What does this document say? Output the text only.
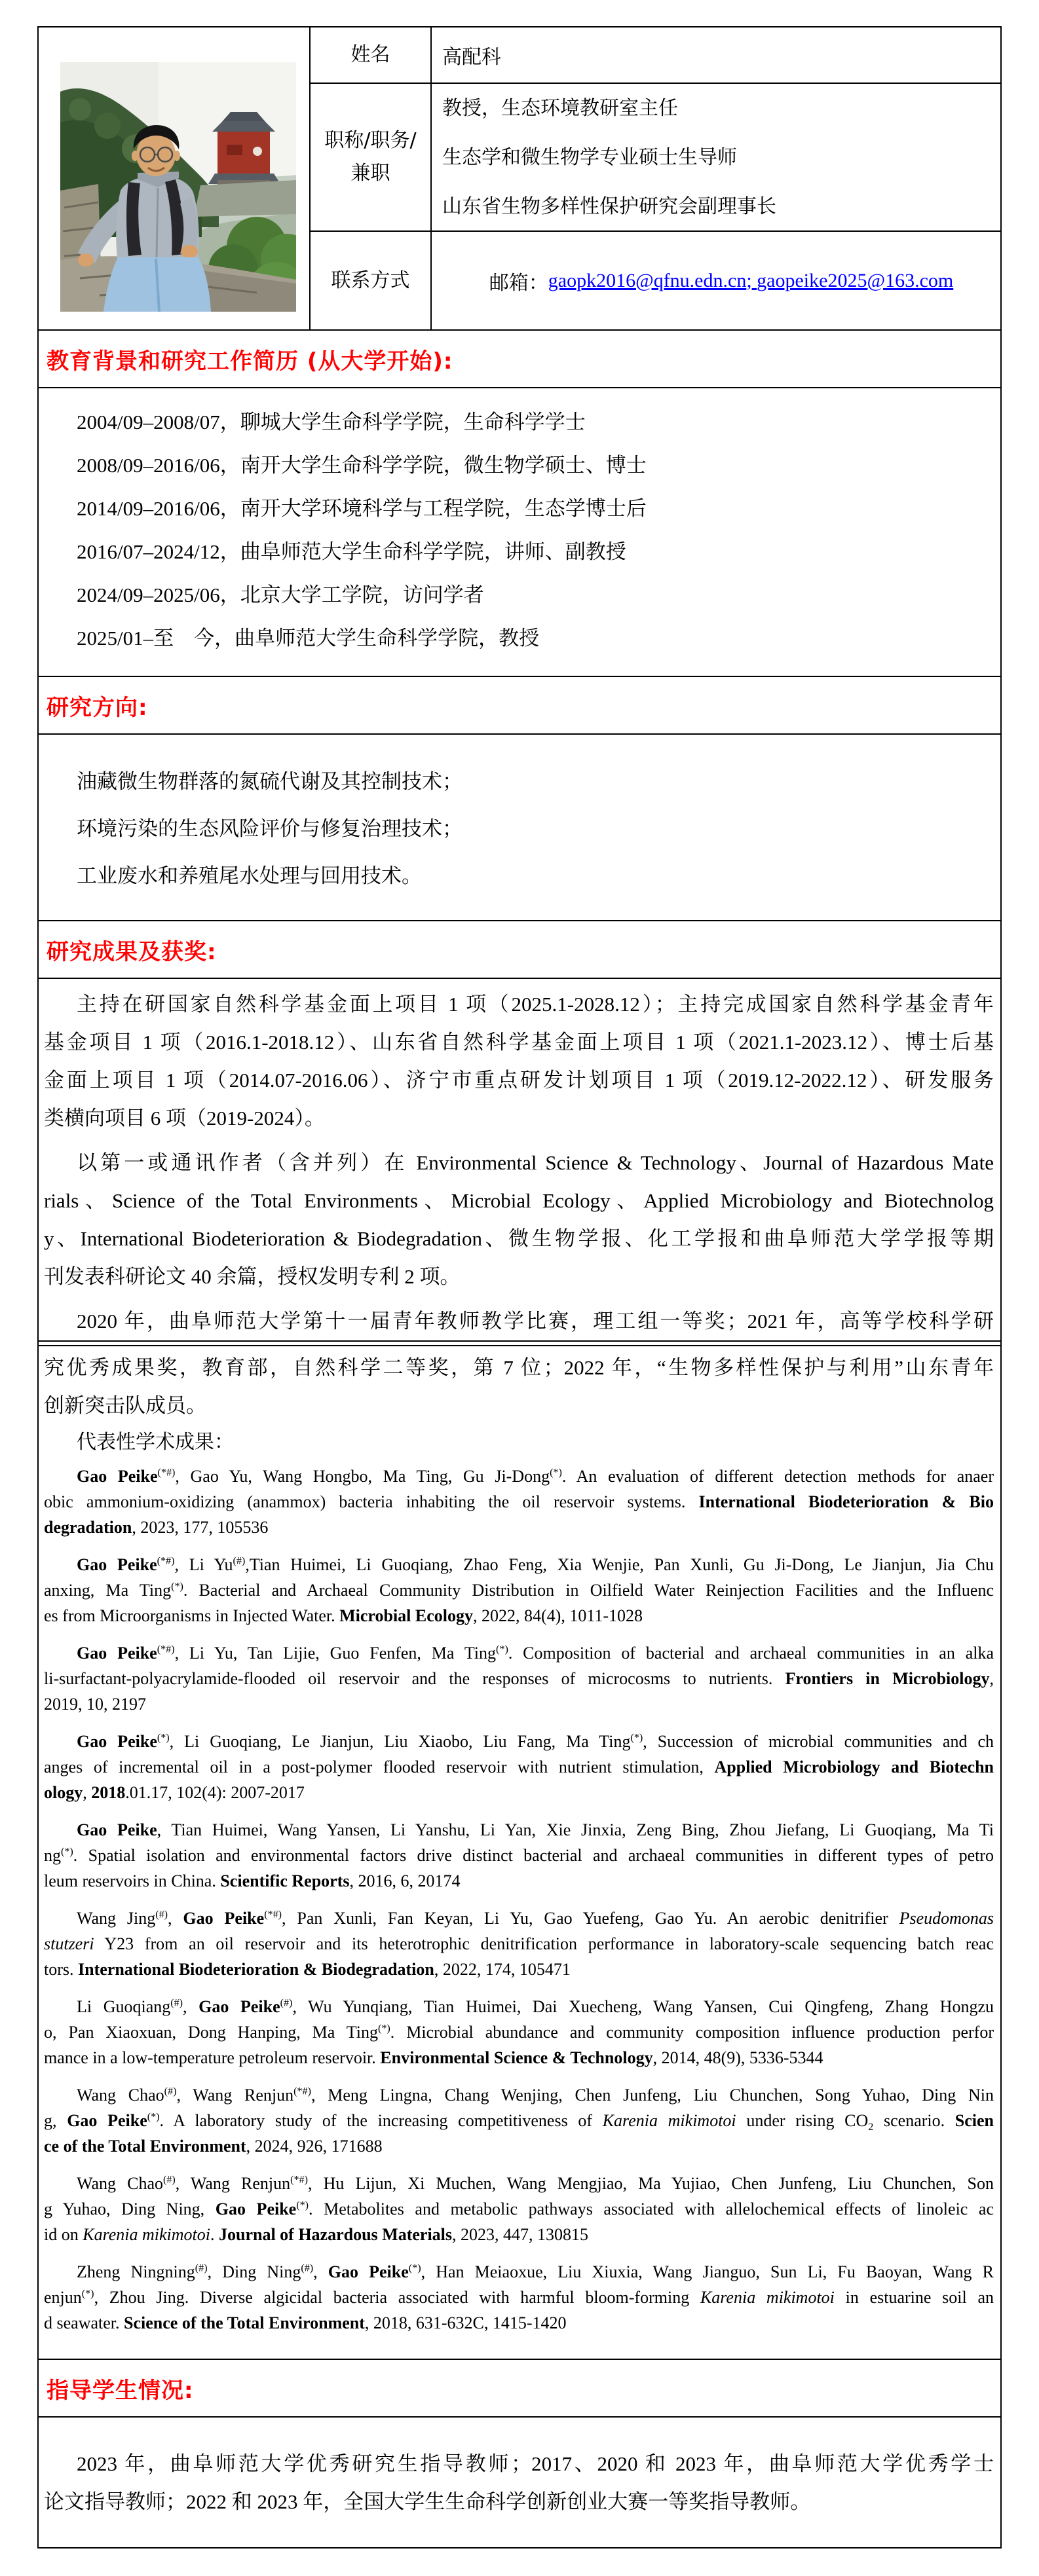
姓名	高配科
职称/职务/
兼职
教授，生态环境教研室主任
生态学和微生物学专业硕士生导师
山东省生物多样性保护研究会副理事长
联系方式	邮箱： gaopk2016@qfnu.edn.cn ; gaopeike2025@163.com
教育背景和研究工作简历 (从大学开始):
2004/09–2008/07，聊城大学生命科学学院，生命科学学士
2008/09–2016/06，南开大学生命科学学院，微生物学硕士、博士
2014/09–2016/06，南开大学环境科学与工程学院，生态学博士后
2016/07–2024/12，曲阜师范大学生命科学学院，讲师、副教授
2024/09–2025/06，北京大学工学院，访问学者
2025/01–至　今，曲阜师范大学生命科学学院，教授
研究方向:
油藏微生物群落的氮硫代谢及其控制技术；
环境污染的生态风险评价与修复治理技术；
工业废水和养殖尾水处理与回用技术。
研究成果及获奖:
主持在研国家自然科学基金面上项目 1 项（2025.1-2028.12）；主持完成国家自然科学基金青年
基金项目 1 项（2016.1-2018.12）、山东省自然科学基金面上项目 1 项（2021.1-2023.12）、博士后基
金面上项目 1 项（2014.07-2016.06）、济宁市重点研发计划项目 1 项（2019.12-2022.12）、研发服务
类横向项目 6 项（2019-2024）。
以第一或通讯作者（含并列）在 Environmental Science & Technology、Journal of Hazardous Mate
rials、Science of the Total Environments、Microbial Ecology、Applied Microbiology and Biotechnolog
y、International Biodeterioration & Biodegradation、微生物学报、化工学报和曲阜师范大学学报等期
刊发表科研论文 40 余篇，授权发明专利 2 项。
2020 年，曲阜师范大学第十一届青年教师教学比赛，理工组一等奖；2021 年，高等学校科学研
究优秀成果奖，教育部，自然科学二等奖，第 7 位；2022 年，“生物多样性保护与利用”山东青年
创新突击队成员。
代表性学术成果：
Gao Peike(*#), Gao Yu, Wang Hongbo, Ma Ting, Gu Ji-Dong(*). An evaluation of different detection methods for anaer
obic ammonium-oxidizing (anammox) bacteria inhabiting the oil reservoir systems. International Biodeterioration & Bio
degradation, 2023, 177, 105536
Gao Peike(*#), Li Yu(#),Tian Huimei, Li Guoqiang, Zhao Feng, Xia Wenjie, Pan Xunli, Gu Ji-Dong, Le Jianjun, Jia Chu
anxing, Ma Ting(*). Bacterial and Archaeal Community Distribution in Oilfield Water Reinjection Facilities and the Influenc
es from Microorganisms in Injected Water. Microbial Ecology, 2022, 84(4), 1011-1028
Gao Peike(*#), Li Yu, Tan Lijie, Guo Fenfen, Ma Ting(*). Composition of bacterial and archaeal communities in an alka
li-surfactant-polyacrylamide-flooded oil reservoir and the responses of microcosms to nutrients. Frontiers in Microbiology,
2019, 10, 2197
Gao Peike(*), Li Guoqiang, Le Jianjun, Liu Xiaobo, Liu Fang, Ma Ting(*), Succession of microbial communities and ch
anges of incremental oil in a post-polymer flooded reservoir with nutrient stimulation, Applied Microbiology and Biotechn
ology, 2018.01.17, 102(4): 2007-2017
Gao Peike, Tian Huimei, Wang Yansen, Li Yanshu, Li Yan, Xie Jinxia, Zeng Bing, Zhou Jiefang, Li Guoqiang, Ma Ti
ng(*). Spatial isolation and environmental factors drive distinct bacterial and archaeal communities in different types of petro
leum reservoirs in China. Scientific Reports, 2016, 6, 20174
Wang Jing(#), Gao Peike(*#), Pan Xunli, Fan Keyan, Li Yu, Gao Yuefeng, Gao Yu. An aerobic denitrifier Pseudomonas
stutzeri Y23 from an oil reservoir and its heterotrophic denitrification performance in laboratory-scale sequencing batch reac
tors. International Biodeterioration & Biodegradation, 2022, 174, 105471
Li Guoqiang(#), Gao Peike(#), Wu Yunqiang, Tian Huimei, Dai Xuecheng, Wang Yansen, Cui Qingfeng, Zhang Hongzu
o, Pan Xiaoxuan, Dong Hanping, Ma Ting(*). Microbial abundance and community composition influence production perfor
mance in a low-temperature petroleum reservoir. Environmental Science & Technology, 2014, 48(9), 5336-5344
Wang Chao(#), Wang Renjun(*#), Meng Lingna, Chang Wenjing, Chen Junfeng, Liu Chunchen, Song Yuhao, Ding Nin
g, Gao Peike(*). A laboratory study of the increasing competitiveness of Karenia mikimotoi under rising $CO_2$ scenario. Scien
ce of the Total Environment, 2024, 926, 171688
Wang Chao(#), Wang Renjun(*#), Hu Lijun, Xi Muchen, Wang Mengjiao, Ma Yujiao, Chen Junfeng, Liu Chunchen, Son
g Yuhao, Ding Ning, Gao Peike(*). Metabolites and metabolic pathways associated with allelochemical effects of linoleic ac
id on Karenia mikimotoi. Journal of Hazardous Materials, 2023, 447, 130815
Zheng Ningning(#), Ding Ning(#), Gao Peike(*), Han Meiaoxue, Liu Xiuxia, Wang Jianguo, Sun Li, Fu Baoyan, Wang R
enjun(*), Zhou Jing. Diverse algicidal bacteria associated with harmful bloom-forming Karenia mikimotoi in estuarine soil an
d seawater. Science of the Total Environment, 2018, 631-632C, 1415-1420
指导学生情况:
2023 年，曲阜师范大学优秀研究生指导教师；2017、2020 和 2023 年，曲阜师范大学优秀学士
论文指导教师；2022 和 2023 年，全国大学生生命科学创新创业大赛一等奖指导教师。
